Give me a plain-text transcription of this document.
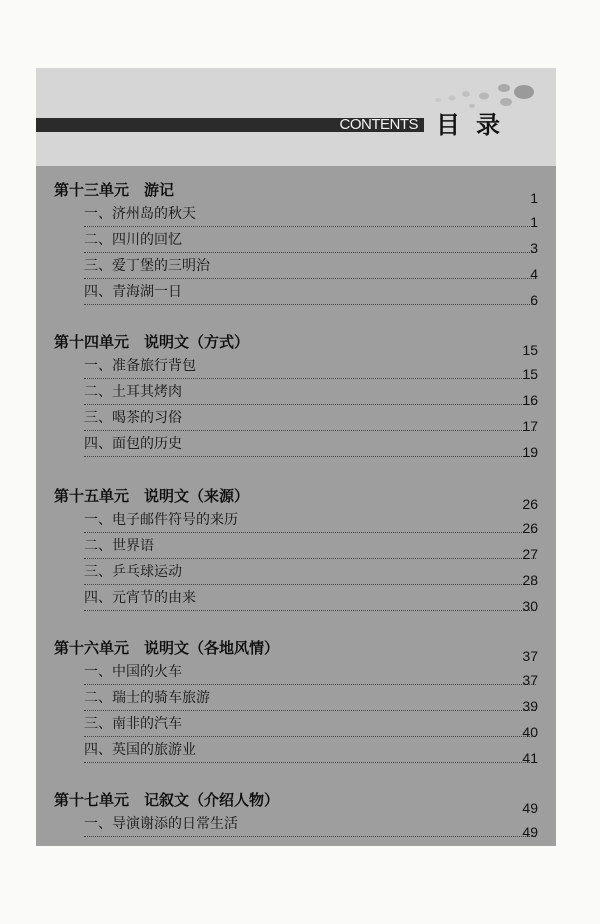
CONTENTS 目录
第十三单元　游记	1
一、济州岛的秋天	1
二、四川的回忆	3
三、爱丁堡的三明治	4
四、青海湖一日	6
第十四单元　说明文（方式）	15
一、准备旅行背包	15
二、土耳其烤肉	16
三、喝茶的习俗	17
四、面包的历史	19
第十五单元　说明文（来源）	26
一、电子邮件符号的来历	26
二、世界语	27
三、乒乓球运动	28
四、元宵节的由来	30
第十六单元　说明文（各地风情）	37
一、中国的火车	37
二、瑞士的骑车旅游	39
三、南非的汽车	40
四、英国的旅游业	41
第十七单元　记叙文（介绍人物）	49
一、导演谢添的日常生活	49
